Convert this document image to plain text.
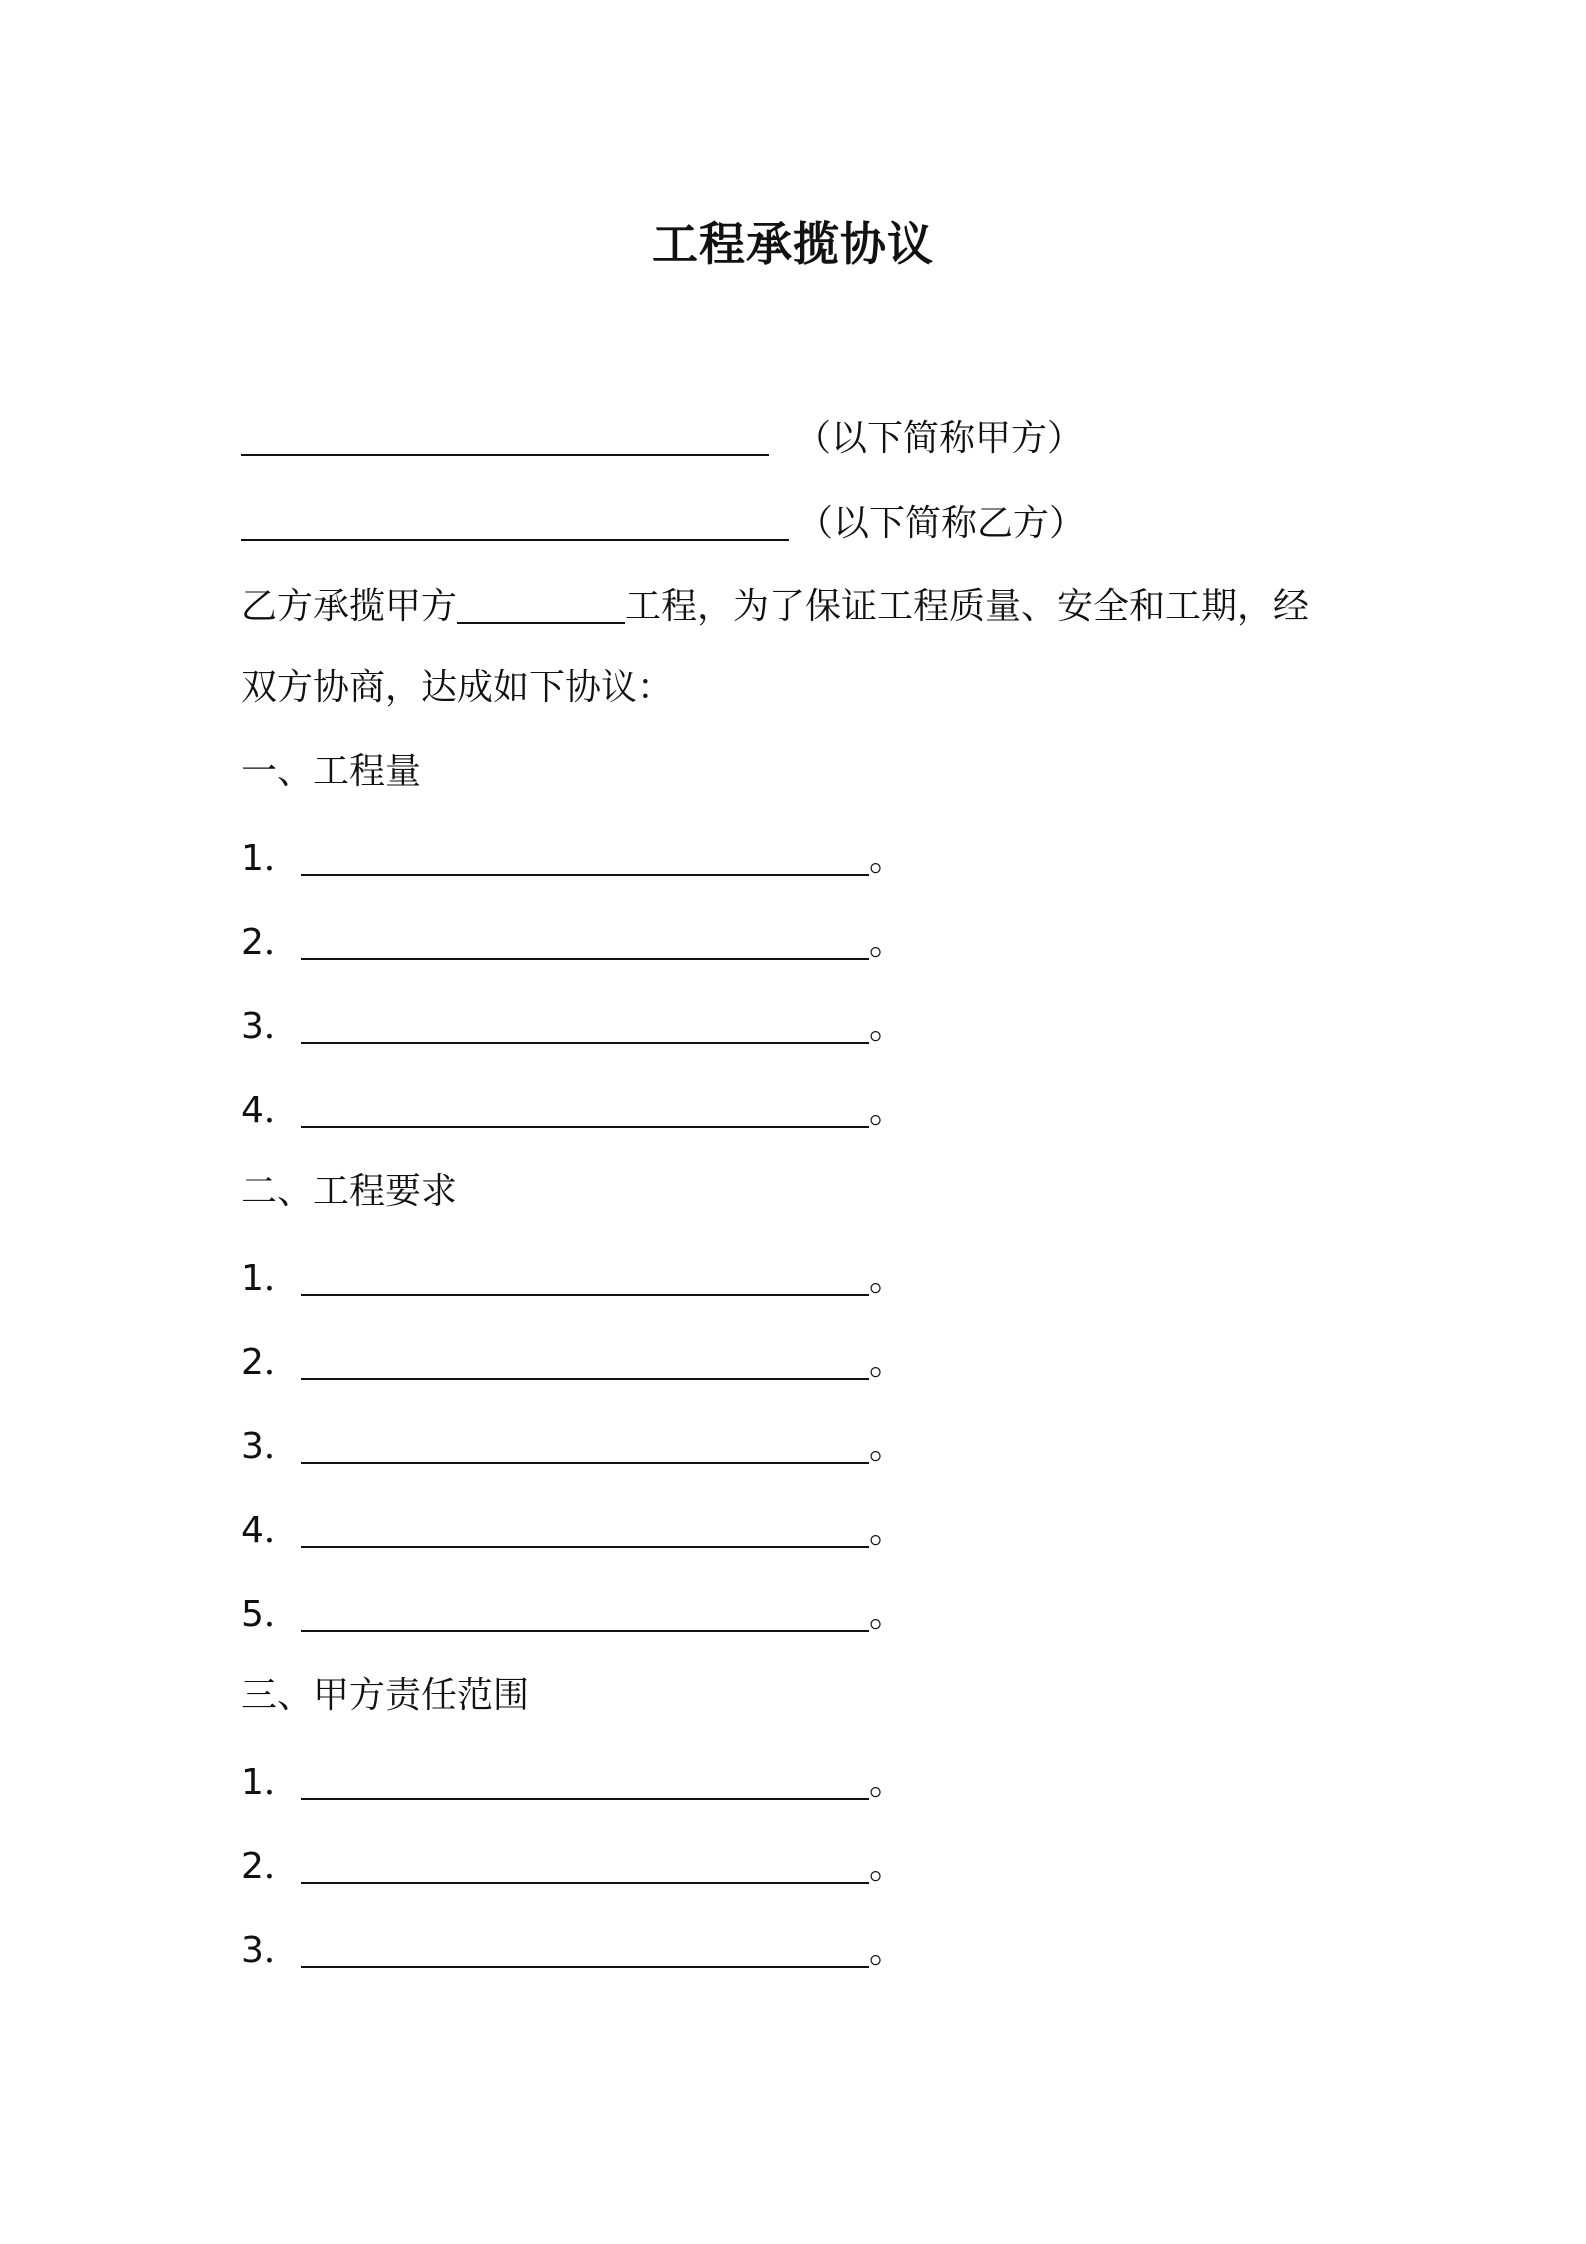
工程承揽协议
（以下简称甲方）
（以下简称乙方）
乙方承揽甲方	工程，为了保证工程质量、安全和工期，经
双方协商，达成如下协议：
一、工程量
1．	。
2．	。
3．	。
4．	。
二、工程要求
1．	。
2．	。
3．	。
4．	。
5．	。
三、甲方责任范围
1．	。
2．	。
3．	。
